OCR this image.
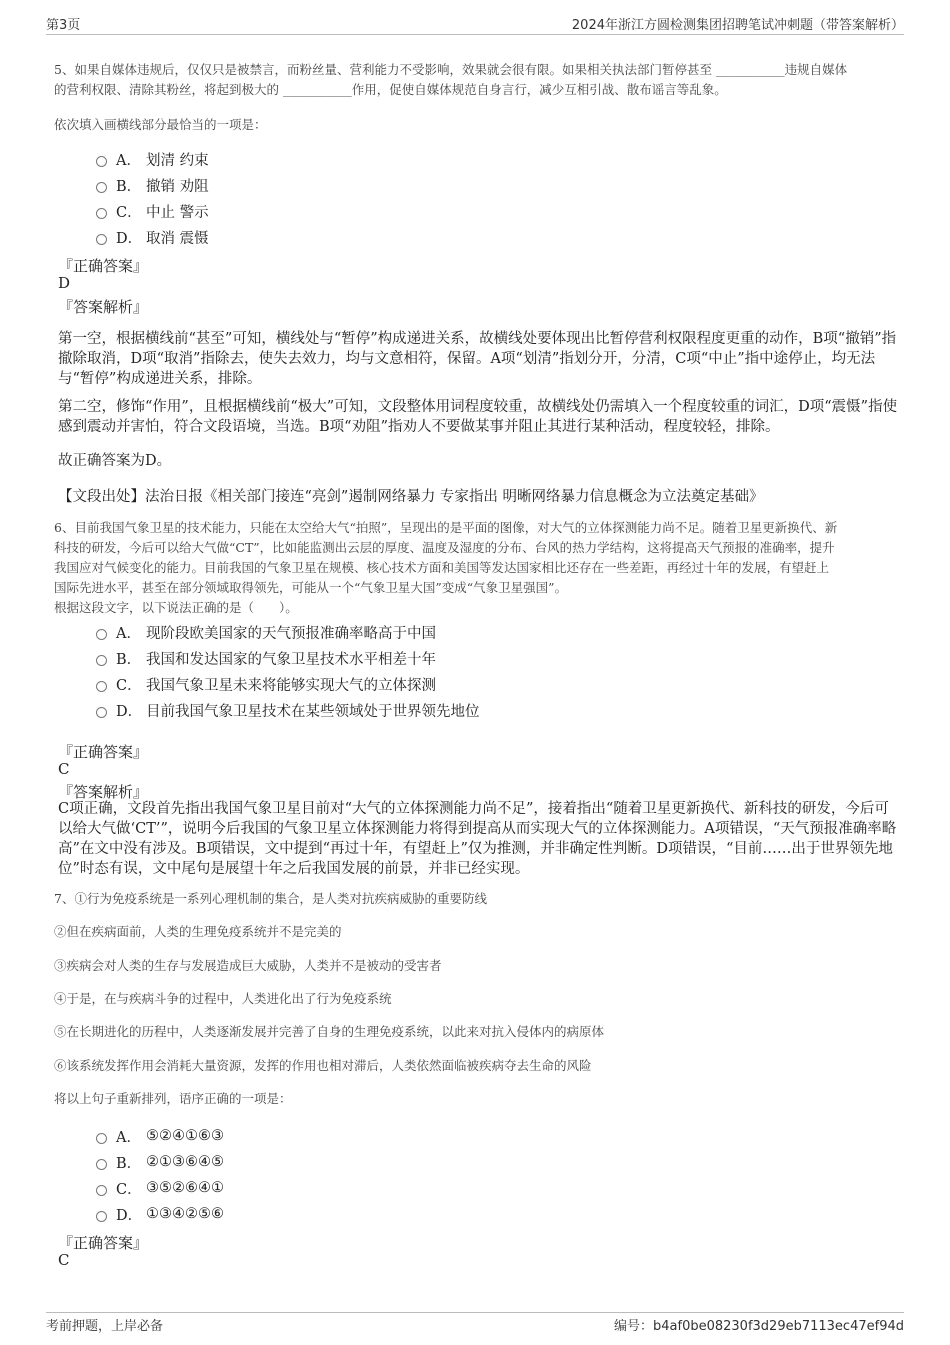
第3页	2024年浙江方圆检测集团招聘笔试冲刺题（带答案解析）
5、如果自媒体违规后，仅仅只是被禁言，而粉丝量、营利能力不受影响，效果就会很有限。如果相关执法部门暂停甚至 ___________违规自媒体
的营利权限、清除其粉丝，将起到极大的 ___________作用，促使自媒体规范自身言行，减少互相引战、散布谣言等乱象。
依次填入画横线部分最恰当的一项是：
A． 划清 约束
B． 撤销 劝阻
C． 中止 警示
D． 取消 震慑
『正确答案』
D
『答案解析』
第一空，根据横线前“甚至”可知，横线处与“暂停”构成递进关系，故横线处要体现出比暂停营利权限程度更重的动作，B项“撤销”指撤除取消，D项“取消”指除去，使失去效力，均与文意相符，保留。A项“划清”指划分开，分清，C项“中止”指中途停止，均无法与“暂停”构成递进关系，排除。
第二空，修饰“作用”，且根据横线前“极大”可知，文段整体用词程度较重，故横线处仍需填入一个程度较重的词汇，D项“震慑”指使感到震动并害怕，符合文段语境，当选。B项“劝阻”指劝人不要做某事并阻止其进行某种活动，程度较轻，排除。
故正确答案为D。
【文段出处】法治日报《相关部门接连“亮剑”遏制网络暴力 专家指出 明晰网络暴力信息概念为立法奠定基础》
6、目前我国气象卫星的技术能力，只能在太空给大气“拍照”，呈现出的是平面的图像，对大气的立体探测能力尚不足。随着卫星更新换代、新
科技的研发，今后可以给大气做“CT”，比如能监测出云层的厚度、温度及湿度的分布、台风的热力学结构，这将提高天气预报的准确率，提升
我国应对气候变化的能力。目前我国的气象卫星在规模、核心技术方面和美国等发达国家相比还存在一些差距，再经过十年的发展，有望赶上
国际先进水平，甚至在部分领域取得领先，可能从一个“气象卫星大国”变成“气象卫星强国”。
根据这段文字，以下说法正确的是（　　）。
A． 现阶段欧美国家的天气预报准确率略高于中国
B． 我国和发达国家的气象卫星技术水平相差十年
C． 我国气象卫星未来将能够实现大气的立体探测
D． 目前我国气象卫星技术在某些领域处于世界领先地位
『正确答案』
C
『答案解析』
C项正确，文段首先指出我国气象卫星目前对“大气的立体探测能力尚不足”，接着指出“随着卫星更新换代、新科技的研发，今后可以给大气做‘CT’”，说明今后我国的气象卫星立体探测能力将得到提高从而实现大气的立体探测能力。A项错误，“天气预报准确率略高”在文中没有涉及。B项错误，文中提到“再过十年，有望赶上”仅为推测，并非确定性判断。D项错误，“目前……出于世界领先地位”时态有误，文中尾句是展望十年之后我国发展的前景，并非已经实现。
7、①行为免疫系统是一系列心理机制的集合，是人类对抗疾病威胁的重要防线
②但在疾病面前，人类的生理免疫系统并不是完美的
③疾病会对人类的生存与发展造成巨大威胁，人类并不是被动的受害者
④于是，在与疾病斗争的过程中，人类进化出了行为免疫系统
⑤在长期进化的历程中，人类逐渐发展并完善了自身的生理免疫系统，以此来对抗入侵体内的病原体
⑥该系统发挥作用会消耗大量资源，发挥的作用也相对滞后，人类依然面临被疾病夺去生命的风险
将以上句子重新排列，语序正确的一项是：
A． ⑤②④①⑥③
B． ②①③⑥④⑤
C． ③⑤②⑥④①
D． ①③④②⑤⑥
『正确答案』
C
考前押题，上岸必备	编号：b4af0be08230f3d29eb7113ec47ef94d
